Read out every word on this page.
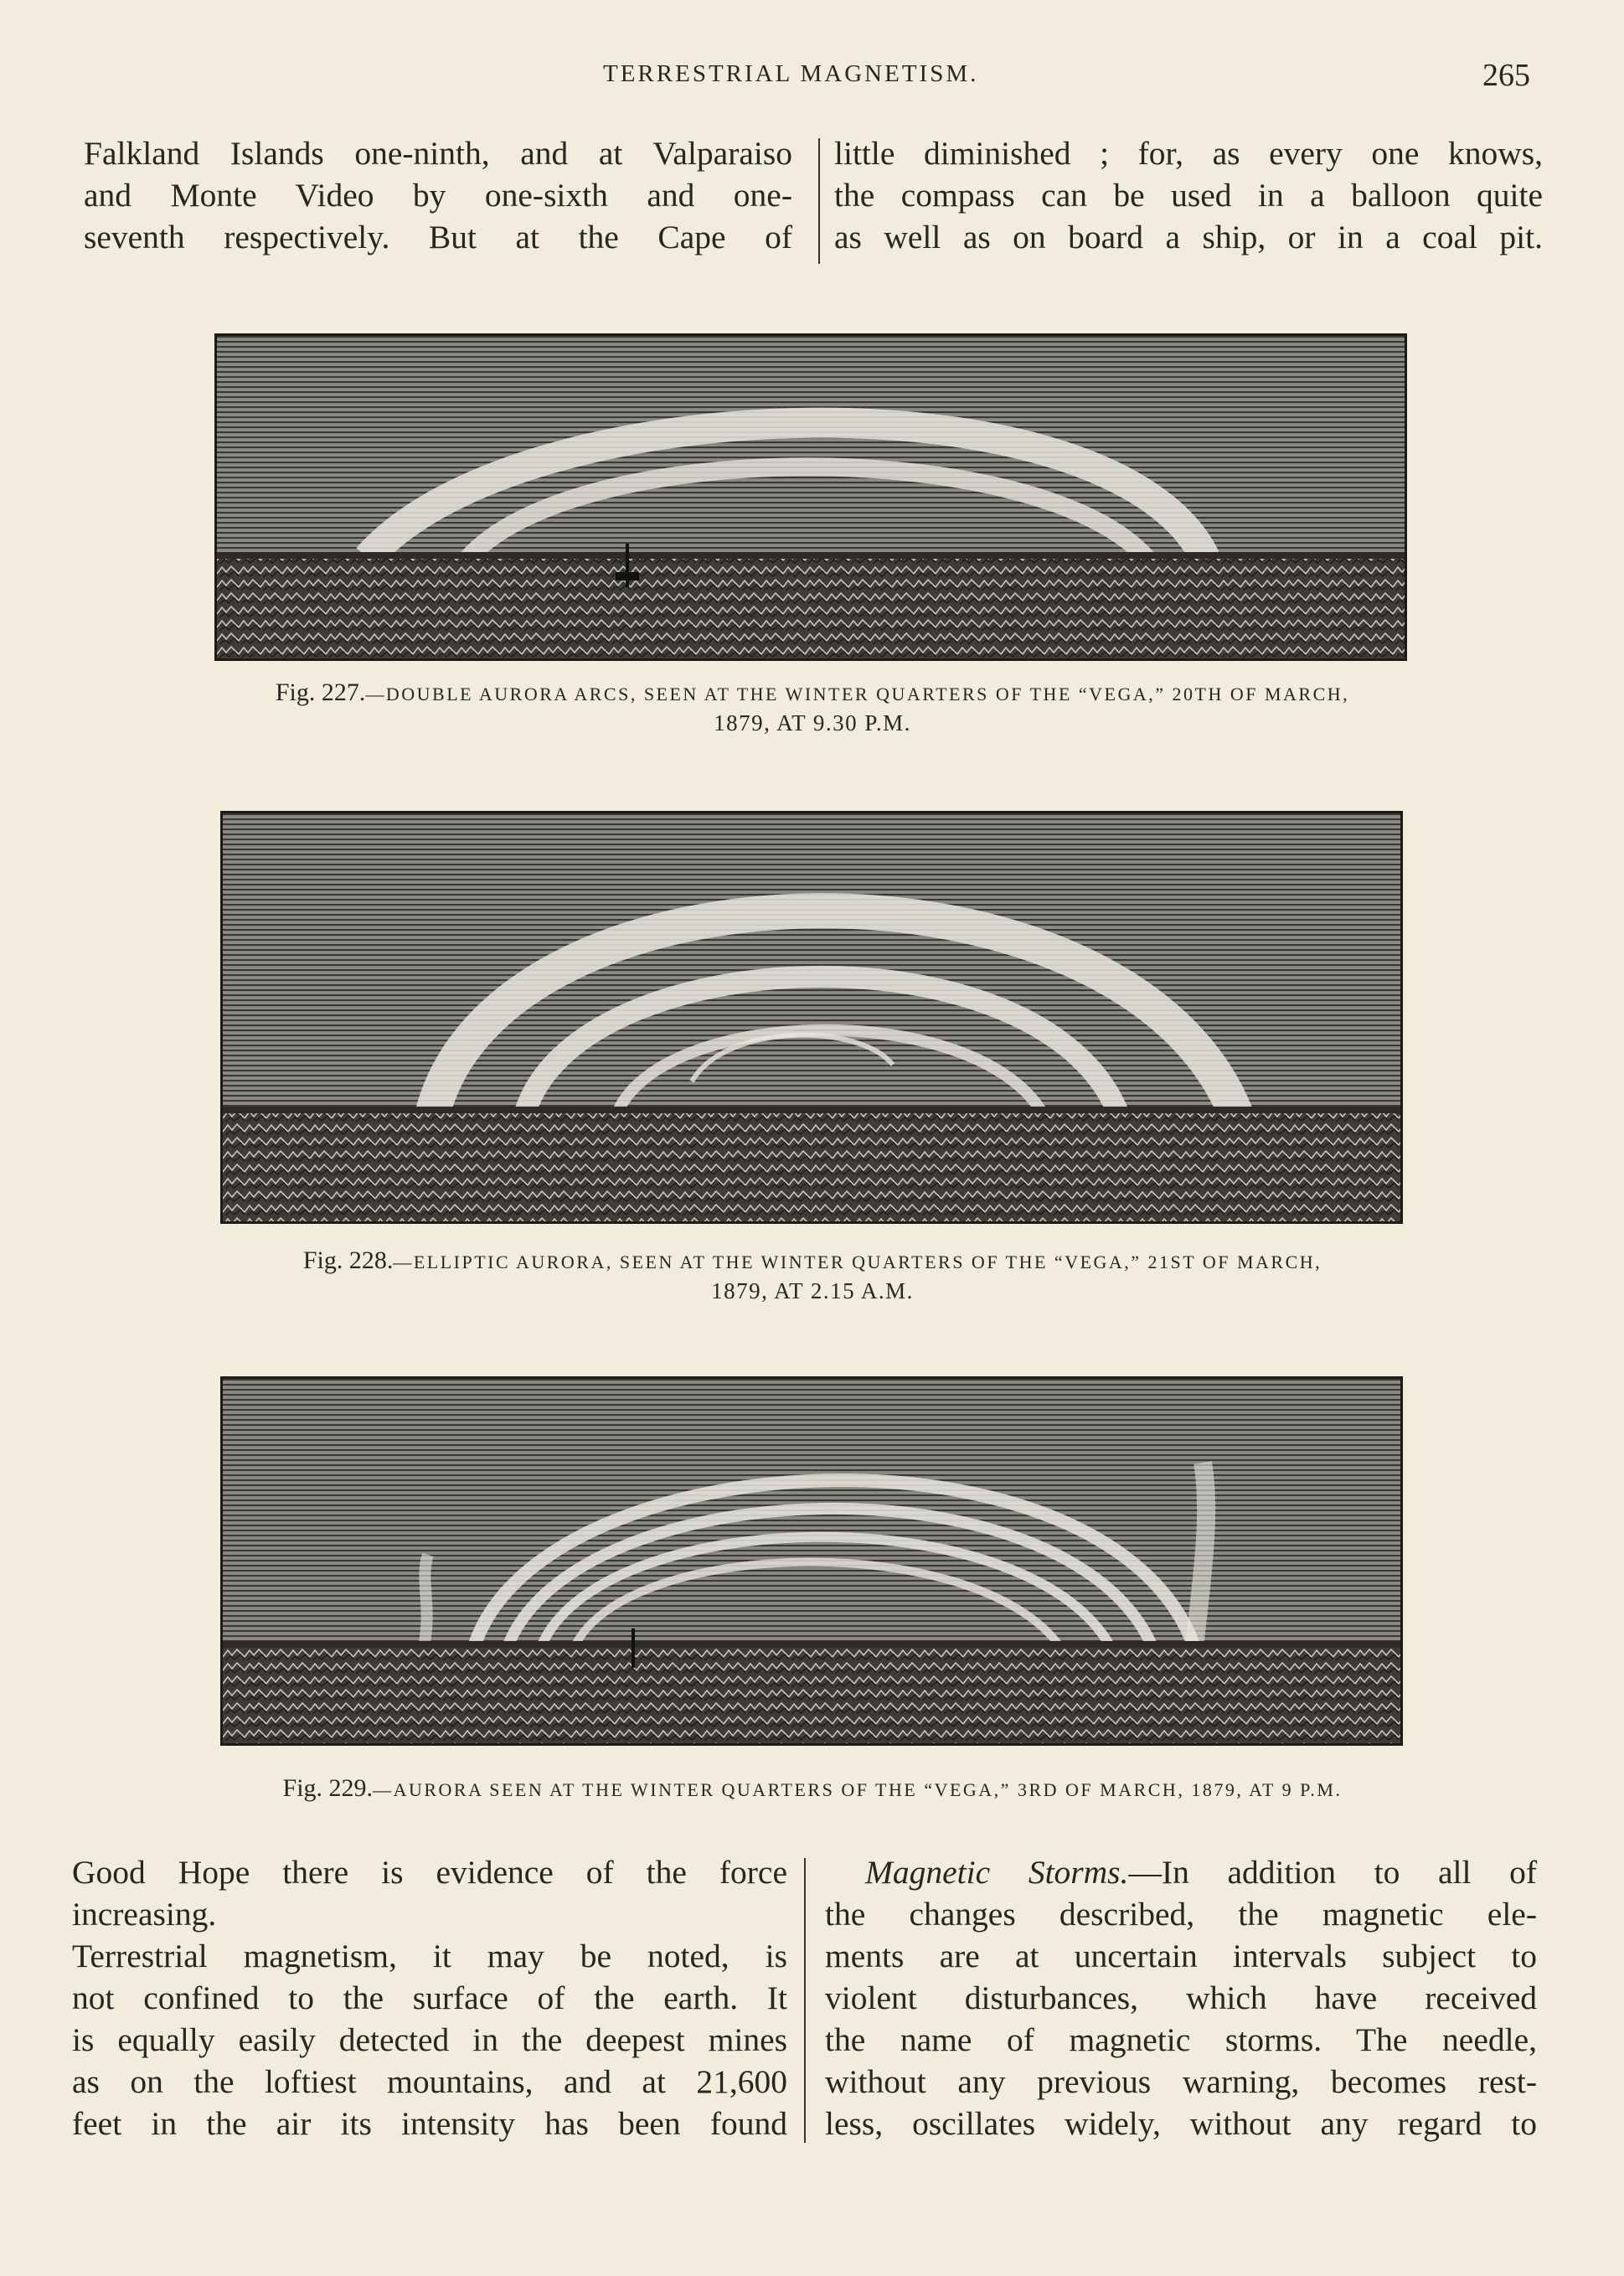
TERRESTRIAL MAGNETISM.	265
Falkland Islands one-ninth, and at Valparaiso
and Monte Video by one-sixth and one-
seventh respectively. But at the Cape of
little diminished ; for, as every one knows,
the compass can be used in a balloon quite
as well as on board a ship, or in a coal pit.
Fig. 227.—DOUBLE AURORA ARCS, SEEN AT THE WINTER QUARTERS OF THE “VEGA,” 20TH OF MARCH,
1879, AT 9.30 P.M.
Fig. 228.—ELLIPTIC AURORA, SEEN AT THE WINTER QUARTERS OF THE “VEGA,” 21ST OF MARCH,
1879, AT 2.15 A.M.
Fig. 229.—AURORA SEEN AT THE WINTER QUARTERS OF THE “VEGA,” 3RD OF MARCH, 1879, AT 9 P.M.
Good Hope there is evidence of the force
increasing.
Terrestrial magnetism, it may be noted, is
not confined to the surface of the earth. It
is equally easily detected in the deepest mines
as on the loftiest mountains, and at 21,600
feet in the air its intensity has been found
Magnetic Storms.—In addition to all of
the changes described, the magnetic ele-
ments are at uncertain intervals subject to
violent disturbances, which have received
the name of magnetic storms. The needle,
without any previous warning, becomes rest-
less, oscillates widely, without any regard to
